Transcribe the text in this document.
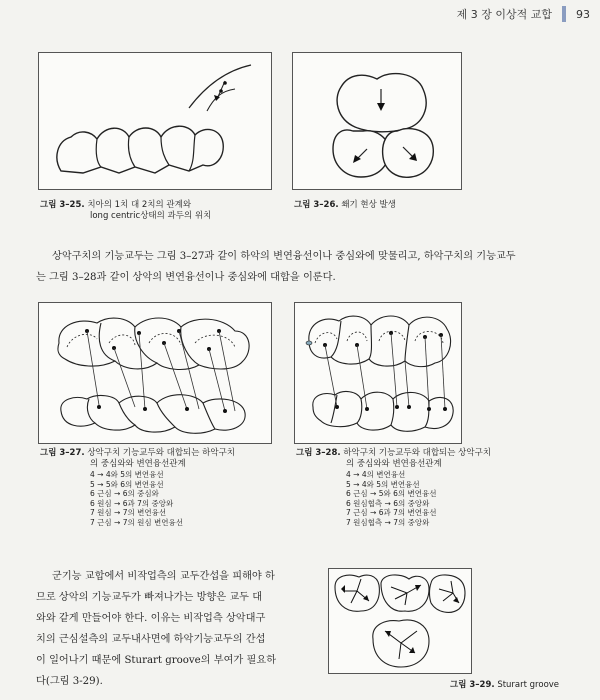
제 3 장 이상적 교합 93
그림 3–25. 치아의 1치 대 2치의 관계와
long centric상태의 과두의 위치
그림 3–26. 쐐기 현상 발생
상악구치의 기능교두는 그림 3–27과 같이 하악의 변연융선이나 중심와에 맞물리고, 하악구치의 기능교두
는 그림 3–28과 같이 상악의 변연융선이나 중심와에 대합을 이룬다.
그림 3–27. 상악구치 기능교두와 대합되는 하악구치
의 중심와와 변연융선관계
4 → 4와 5의 변연융선
5 → 5와 6의 변연융선
6 근심 → 6의 중심와
6 원심 → 6과 7의 중앙와
7 원심 → 7의 변연융선
7 근심 → 7의 원심 변연융선
그림 3–28. 하악구치 기능교두와 대합되는 상악구치
의 중심와와 변연융선관계
4 → 4의 변연융선
5 → 4와 5의 변연융선
6 근심 → 5와 6의 변연융선
6 원심협측 → 6의 중앙와
7 근심 → 6과 7의 변연융선
7 원심협측 → 7의 중앙와
군기능 교합에서 비작업측의 교두간섭을 피해야 하
므로 상악의 기능교두가 빠져나가는 방향은 교두 대
와와 같게 만들어야 한다. 이유는 비작업측 상악대구
치의 근심설측의 교두내사면에 하악기능교두의 간섭
이 일어나기 때문에 Sturart groove의 부여가 필요하
다(그림 3-29).	그림 3–29. Sturart groove
